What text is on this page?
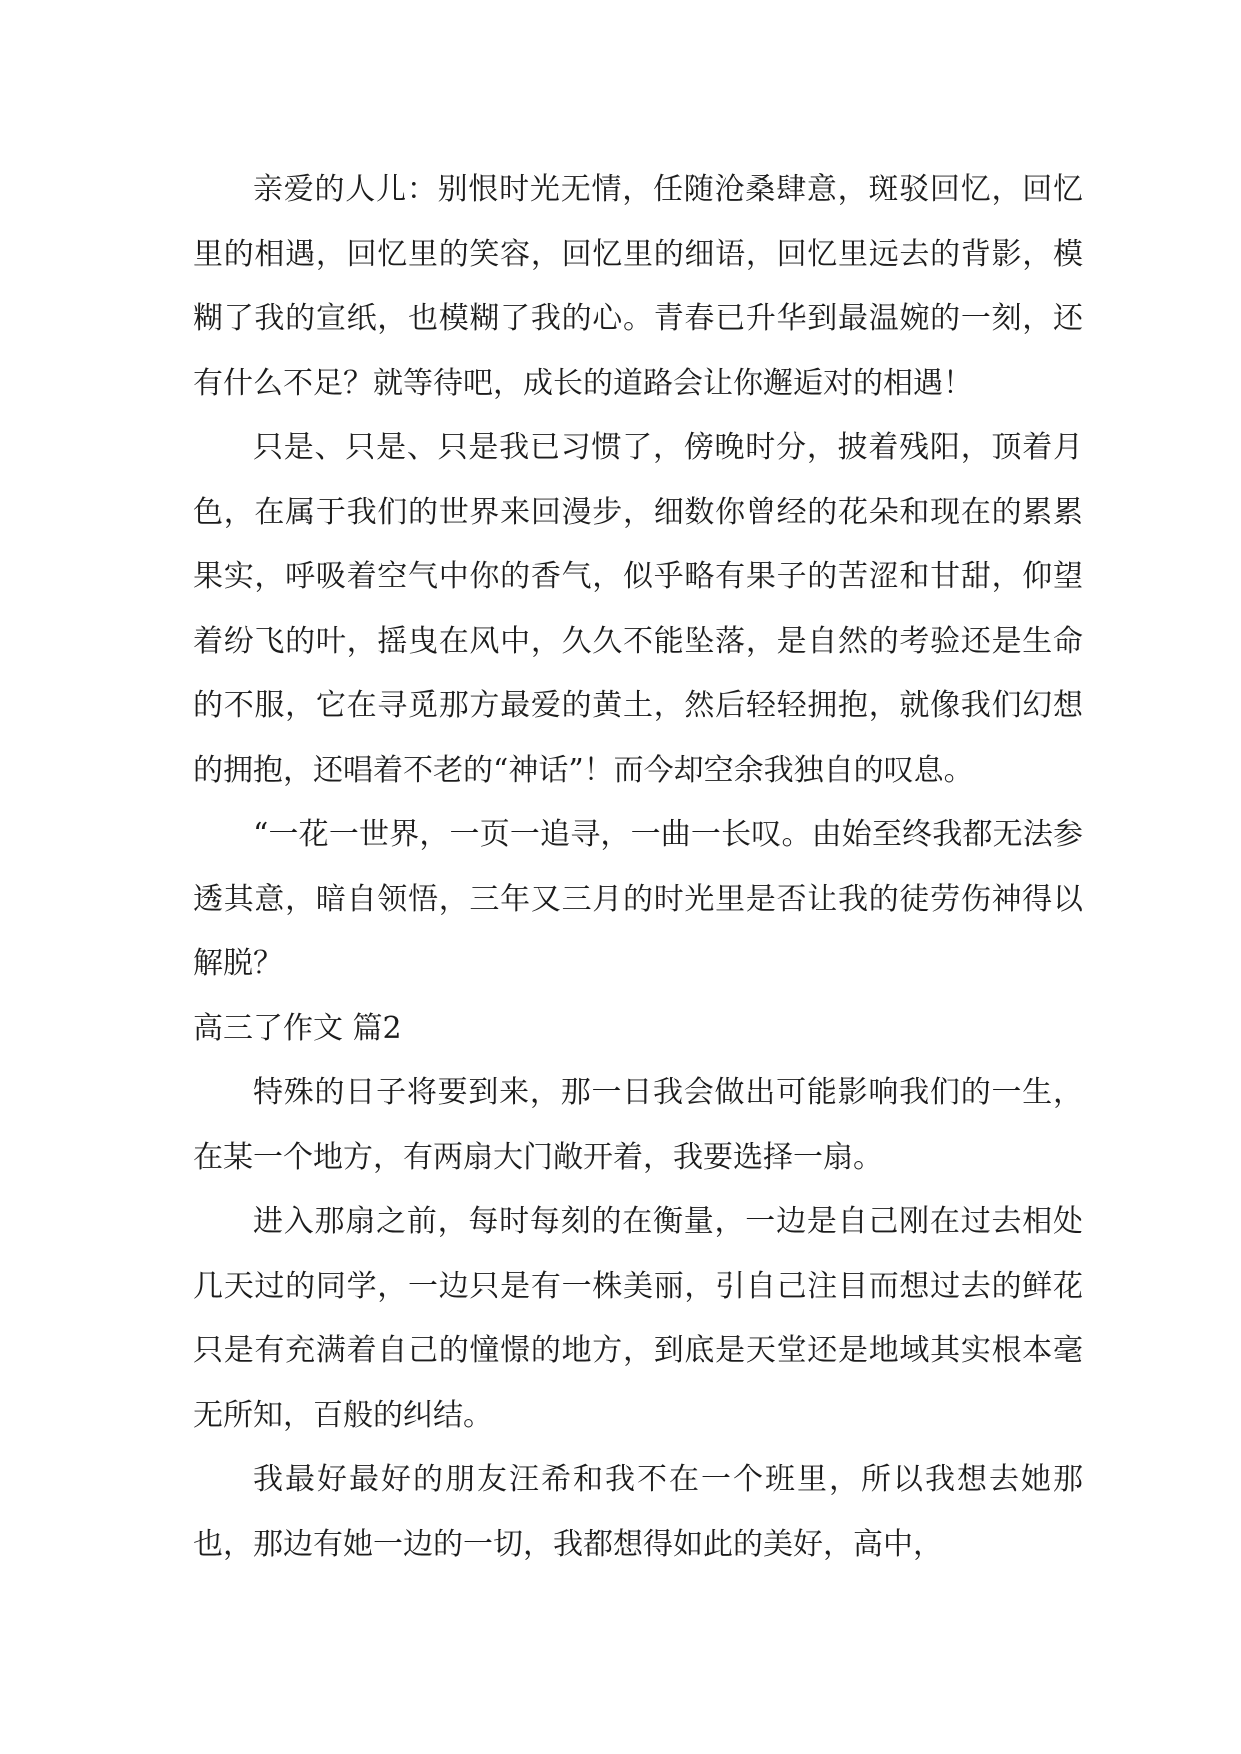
亲爱的人儿：别恨时光无情，任随沧桑肆意，斑驳回忆，回忆里的相遇，回忆里的笑容，回忆里的细语，回忆里远去的背影，模糊了我的宣纸，也模糊了我的心。青春已升华到最温婉的一刻，还有什么不足？就等待吧，成长的道路会让你邂逅对的相遇！

只是、只是、只是我已习惯了，傍晚时分，披着残阳，顶着月色，在属于我们的世界来回漫步，细数你曾经的花朵和现在的累累果实，呼吸着空气中你的香气，似乎略有果子的苦涩和甘甜，仰望着纷飞的叶，摇曳在风中，久久不能坠落，是自然的考验还是生命的不服，它在寻觅那方最爱的黄土，然后轻轻拥抱，就像我们幻想的拥抱，还唱着不老的“神话”！而今却空余我独自的叹息。

“一花一世界，一页一追寻，一曲一长叹。由始至终我都无法参透其意，暗自领悟，三年又三月的时光里是否让我的徒劳伤神得以解脱？

高三了作文 篇2

特殊的日子将要到来，那一日我会做出可能影响我们的一生，在某一个地方，有两扇大门敞开着，我要选择一扇。

进入那扇之前，每时每刻的在衡量，一边是自己刚在过去相处几天过的同学，一边只是有一株美丽，引自己注目而想过去的鲜花只是有充满着自己的憧憬的地方，到底是天堂还是地域其实根本毫无所知，百般的纠结。

我最好最好的朋友汪希和我不在一个班里，所以我想去她那也，那边有她一边的一切，我都想得如此的美好，高中，
